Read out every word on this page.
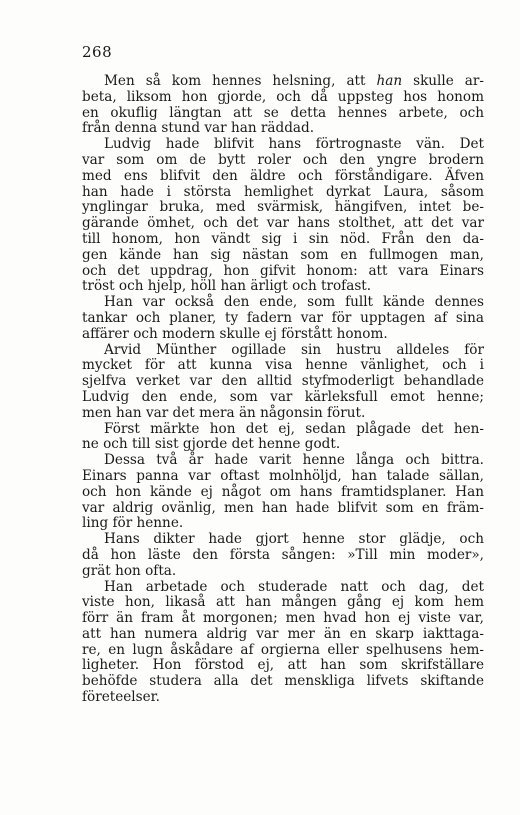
268
Men så kom hennes helsning, att han skulle ar-
beta, liksom hon gjorde, och då uppsteg hos honom
en okuflig längtan att se detta hennes arbete, och
från denna stund var han räddad.
Ludvig hade blifvit hans förtrognaste vän. Det
var som om de bytt roler och den yngre brodern
med ens blifvit den äldre och förståndigare. Äfven
han hade i största hemlighet dyrkat Laura, såsom
ynglingar bruka, med svärmisk, hängifven, intet be-
gärande ömhet, och det var hans stolthet, att det var
till honom, hon vändt sig i sin nöd. Från den da-
gen kände han sig nästan som en fullmogen man,
och det uppdrag, hon gifvit honom: att vara Einars
tröst och hjelp, höll han ärligt och trofast.
Han var också den ende, som fullt kände dennes
tankar och planer, ty fadern var för upptagen af sina
affärer och modern skulle ej förstått honom.
Arvid Münther ogillade sin hustru alldeles för
mycket för att kunna visa henne vänlighet, och i
sjelfva verket var den alltid styfmoderligt behandlade
Ludvig den ende, som var kärleksfull emot henne;
men han var det mera än någonsin förut.
Först märkte hon det ej, sedan plågade det hen-
ne och till sist gjorde det henne godt.
Dessa två år hade varit henne långa och bittra.
Einars panna var oftast molnhöljd, han talade sällan,
och hon kände ej något om hans framtidsplaner. Han
var aldrig ovänlig, men han hade blifvit som en främ-
ling för henne.
Hans dikter hade gjort henne stor glädje, och
då hon läste den första sången: »Till min moder»,
grät hon ofta.
Han arbetade och studerade natt och dag, det
viste hon, likaså att han mången gång ej kom hem
förr än fram åt morgonen; men hvad hon ej viste var,
att han numera aldrig var mer än en skarp iakttaga-
re, en lugn åskådare af orgierna eller spelhusens hem-
ligheter. Hon förstod ej, att han som skrifställare
behöfde studera alla det menskliga lifvets skiftande
företeelser.
